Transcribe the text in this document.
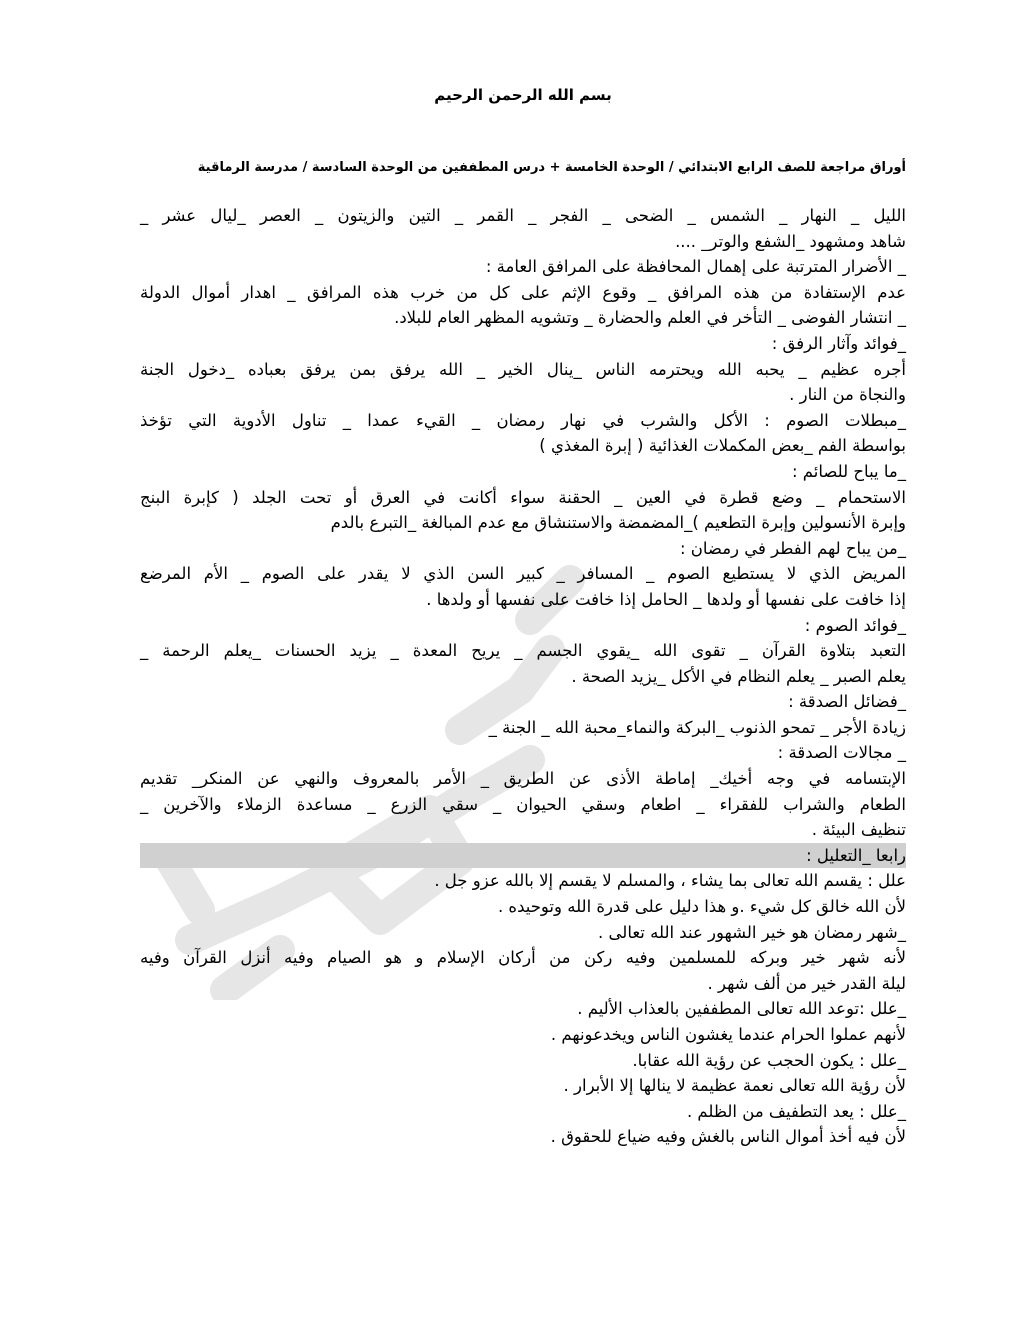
بسم الله الرحمن الرحيم
أوراق مراجعة للصف الرابع الابتدائي / الوحدة الخامسة + درس المطففين من الوحدة السادسة / مدرسة الرماقية
الليل _ النهار _ الشمس _ الضحى _ الفجر _ القمر _ التين والزيتون _ العصر _ليال عشر _
شاهد ومشهود _الشفع والوتر_ ....
_ الأضرار المترتبة على إهمال المحافظة على المرافق العامة :
عدم الإستفادة من هذه المرافق _ وقوع الإثم على كل من خرب هذه المرافق _ اهدار أموال الدولة
_ انتشار الفوضى _ التأخر في العلم والحضارة _ وتشويه المظهر العام للبلاد.
_فوائد وآثار الرفق :
أجره عظيم _ يحبه الله ويحترمه الناس _ينال الخير _ الله يرفق بمن يرفق بعباده _دخول الجنة
والنجاة من النار .
_مبطلات الصوم : الأكل والشرب في نهار رمضان _ القيء عمدا _ تناول الأدوية التي تؤخذ
بواسطة الفم _بعض المكملات الغذائية ( إبرة المغذي )
_ما يباح للصائم :
الاستحمام _ وضع قطرة في العين _ الحقنة سواء أكانت في العرق أو تحت الجلد ( كإبرة البنج
وإبرة الأنسولين وإبرة التطعيم )_المضمضة والاستنشاق مع عدم المبالغة _التبرع بالدم
_من يباح لهم الفطر في رمضان :
المريض الذي لا يستطيع الصوم _ المسافر _ كبير السن الذي لا يقدر على الصوم _ الأم المرضع
إذا خافت على نفسها أو ولدها _ الحامل إذا خافت على نفسها أو ولدها .
_فوائد الصوم :
التعبد بتلاوة القرآن _ تقوى الله _يقوي الجسم _ يريح المعدة _ يزيد الحسنات _يعلم الرحمة _
يعلم الصبر _ يعلم النظام في الأكل _يزيد الصحة .
_فضائل الصدقة :
زيادة الأجر _ تمحو الذنوب _البركة والنماء_محبة الله _ الجنة _
_ مجالات الصدقة :
الإبتسامه في وجه أخيك_ إماطة الأذى عن الطريق _ الأمر بالمعروف والنهي عن المنكر_ تقديم
الطعام والشراب للفقراء _ اطعام وسقي الحيوان _ سقي الزرع _ مساعدة الزملاء والآخرين _
تنظيف البيئة .
رابعا _التعليل :
علل : يقسم الله تعالى بما يشاء ، والمسلم لا يقسم إلا بالله عزو جل .
لأن الله خالق كل شيء .و هذا دليل على قدرة الله وتوحيده .
_شهر رمضان هو خير الشهور عند الله تعالى .
لأنه شهر خير وبركه للمسلمين وفيه ركن من أركان الإسلام و هو الصيام وفيه أنزل القرآن وفيه
ليلة القدر خير من ألف شهر .
_علل :توعد الله تعالى المطففين بالعذاب الأليم .
لأنهم عملوا الحرام عندما يغشون الناس ويخدعونهم .
_علل : يكون الحجب عن رؤية الله عقابا.
لأن رؤية الله تعالى نعمة عظيمة لا ينالها إلا الأبرار .
_علل : يعد التطفيف من الظلم .
لأن فيه أخذ أموال الناس بالغش وفيه ضياع للحقوق .
